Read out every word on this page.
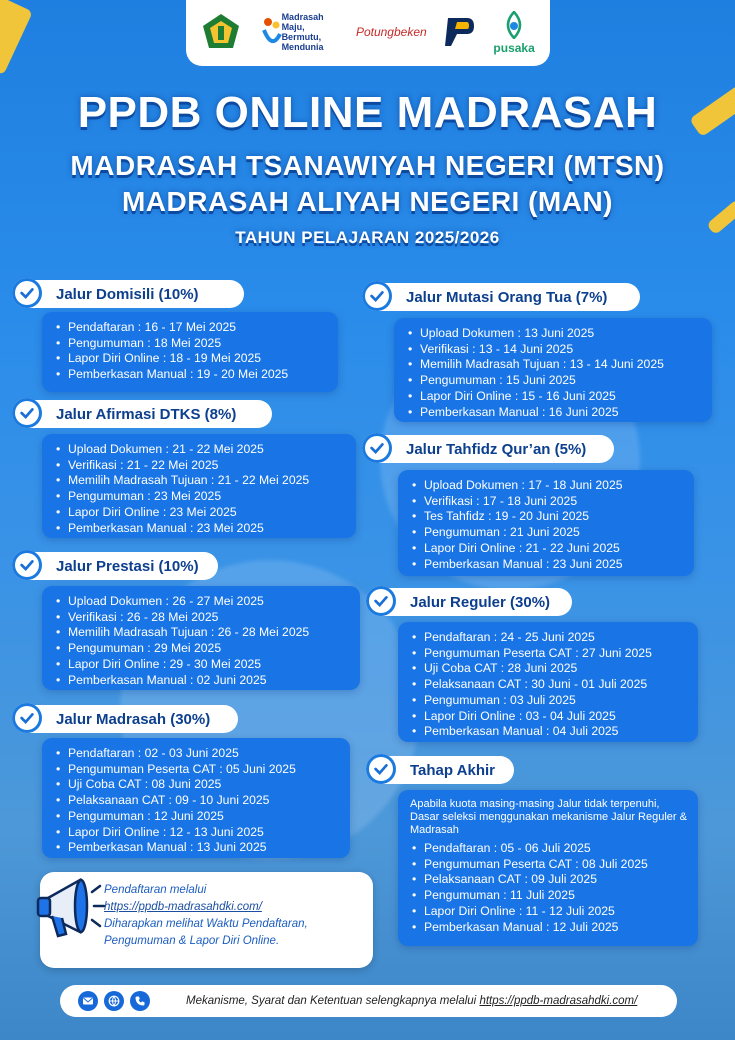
Madrasah Maju, Bermutu, Mendunia
Potungbeken

pusaka
PPDB ONLINE MADRASAH
MADRASAH TSANAWIYAH NEGERI (MTSN)
MADRASAH ALIYAH NEGERI (MAN)
TAHUN PELAJARAN 2025/2026
Jalur Domisili (10%)
• Pendaftaran : 16 - 17 Mei 2025
• Pengumuman : 18 Mei 2025
• Lapor Diri Online : 18 - 19 Mei 2025
• Pemberkasan Manual : 19 - 20 Mei 2025
Jalur Afirmasi DTKS (8%)
• Upload Dokumen : 21 - 22 Mei 2025
• Verifikasi : 21 - 22 Mei 2025
• Memilih Madrasah Tujuan : 21 - 22 Mei 2025
• Pengumuman : 23 Mei 2025
• Lapor Diri Online : 23 Mei 2025
• Pemberkasan Manual : 23 Mei 2025
Jalur Prestasi (10%)
• Upload Dokumen : 26 - 27 Mei 2025
• Verifikasi : 26 - 28 Mei 2025
• Memilih Madrasah Tujuan : 26 - 28 Mei 2025
• Pengumuman : 29 Mei 2025
• Lapor Diri Online : 29 - 30 Mei 2025
• Pemberkasan Manual : 02 Juni 2025
Jalur Madrasah (30%)
• Pendaftaran : 02 - 03 Juni 2025
• Pengumuman Peserta CAT : 05 Juni 2025
• Uji Coba CAT : 08 Juni 2025
• Pelaksanaan CAT : 09 - 10 Juni 2025
• Pengumuman : 12 Juni 2025
• Lapor Diri Online : 12 - 13 Juni 2025
• Pemberkasan Manual : 13 Juni 2025
Jalur Mutasi Orang Tua (7%)
• Upload Dokumen : 13 Juni 2025
• Verifikasi : 13 - 14 Juni 2025
• Memilih Madrasah Tujuan : 13 - 14 Juni 2025
• Pengumuman : 15 Juni 2025
• Lapor Diri Online : 15 - 16 Juni 2025
• Pemberkasan Manual : 16 Juni 2025
Jalur Tahfidz Qur’an (5%)
• Upload Dokumen : 17 - 18 Juni 2025
• Verifikasi : 17 - 18 Juni 2025
• Tes Tahfidz : 19 - 20 Juni 2025
• Pengumuman : 21 Juni 2025
• Lapor Diri Online : 21 - 22 Juni 2025
• Pemberkasan Manual : 23 Juni 2025
Jalur Reguler (30%)
• Pendaftaran : 24 - 25 Juni 2025
• Pengumuman Peserta CAT : 27 Juni 2025
• Uji Coba CAT : 28 Juni 2025
• Pelaksanaan CAT : 30 Juni - 01 Juli 2025
• Pengumuman : 03 Juli 2025
• Lapor Diri Online : 03 - 04 Juli 2025
• Pemberkasan Manual : 04 Juli 2025
Tahap Akhir

Apabila kuota masing-masing Jalur tidak terpenuhi, Dasar seleksi menggunakan mekanisme Jalur Reguler & Madrasah

• Pendaftaran : 05 - 06 Juli 2025
• Pengumuman Peserta CAT : 08 Juli 2025
• Pelaksanaan CAT : 09 Juli 2025
• Pengumuman : 11 Juli 2025
• Lapor Diri Online : 11 - 12 Juli 2025
• Pemberkasan Manual : 12 Juli 2025
Pendaftaran melalui
https://ppdb-madrasahdki.com/
Diharapkan melihat Waktu Pendaftaran,
Pengumuman & Lapor Diri Online.
Mekanisme, Syarat dan Ketentuan selengkapnya melalui https://ppdb-madrasahdki.com/
